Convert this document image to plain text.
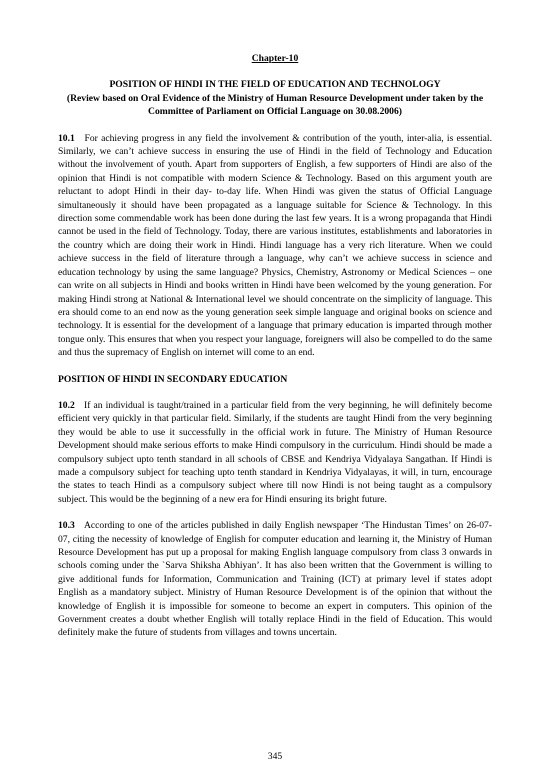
Chapter-10
POSITION OF HINDI IN THE FIELD OF EDUCATION AND TECHNOLOGY
(Review based on Oral Evidence of the Ministry of Human Resource Development under taken by the Committee of Parliament on Official Language on 30.08.2006)

10.1 For achieving progress in any field the involvement & contribution of the youth, inter-alia, is essential. Similarly, we can’t achieve success in ensuring the use of Hindi in the field of Technology and Education without the involvement of youth. Apart from supporters of English, a few supporters of Hindi are also of the opinion that Hindi is not compatible with modern Science & Technology. Based on this argument youth are reluctant to adopt Hindi in their day- to-day life. When Hindi was given the status of Official Language simultaneously it should have been propagated as a language suitable for Science & Technology. In this direction some commendable work has been done during the last few years. It is a wrong propaganda that Hindi cannot be used in the field of Technology. Today, there are various institutes, establishments and laboratories in the country which are doing their work in Hindi. Hindi language has a very rich literature. When we could achieve success in the field of literature through a language, why can’t we achieve success in science and education technology by using the same language? Physics, Chemistry, Astronomy or Medical Sciences – one can write on all subjects in Hindi and books written in Hindi have been welcomed by the young generation. For making Hindi strong at National & International level we should concentrate on the simplicity of language. This era should come to an end now as the young generation seek simple language and original books on science and technology. It is essential for the development of a language that primary education is imparted through mother tongue only. This ensures that when you respect your language, foreigners will also be compelled to do the same and thus the supremacy of English on internet will come to an end.

POSITION OF HINDI IN SECONDARY EDUCATION

10.2 If an individual is taught/trained in a particular field from the very beginning, he will definitely become efficient very quickly in that particular field. Similarly, if the students are taught Hindi from the very beginning they would be able to use it successfully in the official work in future. The Ministry of Human Resource Development should make serious efforts to make Hindi compulsory in the curriculum. Hindi should be made a compulsory subject upto tenth standard in all schools of CBSE and Kendriya Vidyalaya Sangathan. If Hindi is made a compulsory subject for teaching upto tenth standard in Kendriya Vidyalayas, it will, in turn, encourage the states to teach Hindi as a compulsory subject where till now Hindi is not being taught as a compulsory subject. This would be the beginning of a new era for Hindi ensuring its bright future.

10.3 According to one of the articles published in daily English newspaper ‘The Hindustan Times’ on 26-07-07, citing the necessity of knowledge of English for computer education and learning it, the Ministry of Human Resource Development has put up a proposal for making English language compulsory from class 3 onwards in schools coming under the `Sarva Shiksha Abhiyan’. It has also been written that the Government is willing to give additional funds for Information, Communication and Training (ICT) at primary level if states adopt English as a mandatory subject. Ministry of Human Resource Development is of the opinion that without the knowledge of English it is impossible for someone to become an expert in computers. This opinion of the Government creates a doubt whether English will totally replace Hindi in the field of Education. This would definitely make the future of students from villages and towns uncertain.

345
